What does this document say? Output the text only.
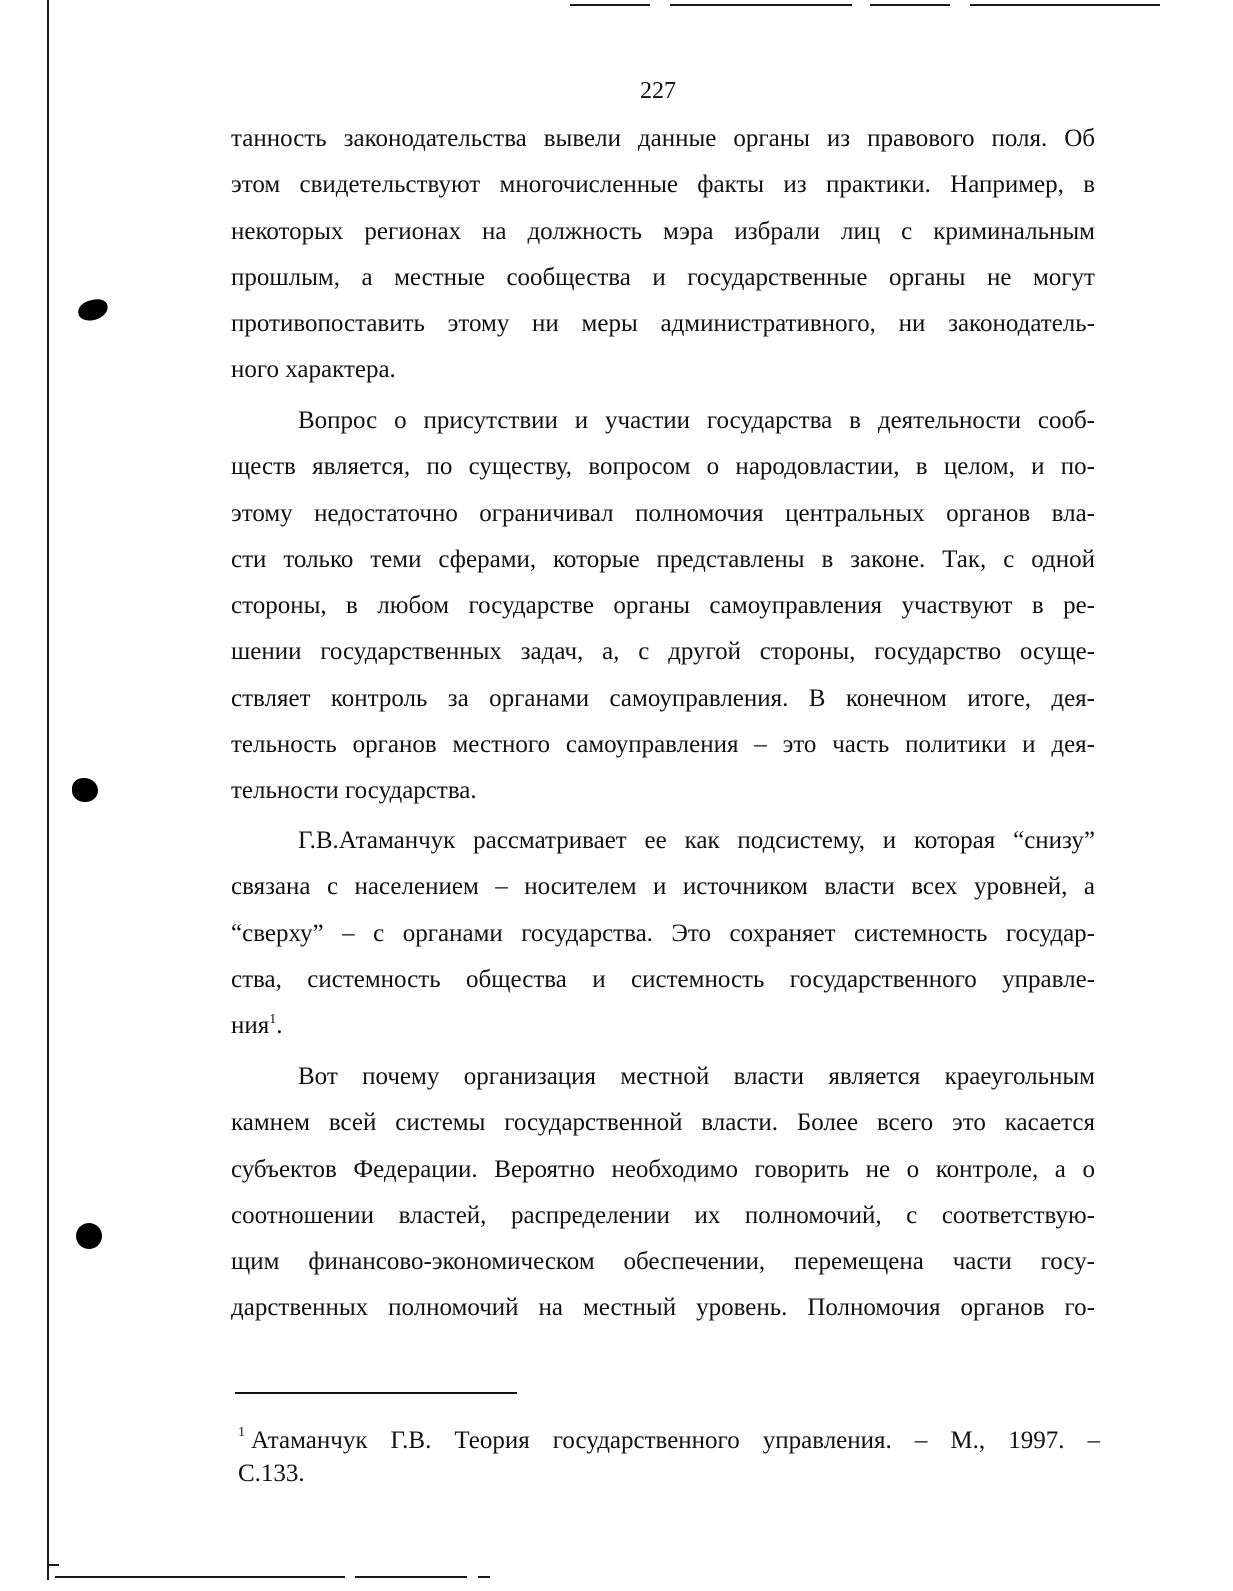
227
танность законодательства вывели данные органы из правового поля. Об
этом свидетельствуют многочисленные факты из практики. Например, в
некоторых регионах на должность мэра избрали лиц с криминальным
прошлым, а местные сообщества и государственные органы не могут
противопоставить этому ни меры административного, ни законодатель-
ного характера.
Вопрос о присутствии и участии государства в деятельности сооб-
ществ является, по существу, вопросом о народовластии, в целом, и по-
этому недостаточно ограничивал полномочия центральных органов вла-
сти только теми сферами, которые представлены в законе. Так, с одной
стороны, в любом государстве органы самоуправления участвуют в ре-
шении государственных задач, а, с другой стороны, государство осуще-
ствляет контроль за органами самоуправления. В конечном итоге, дея-
тельность органов местного самоуправления – это часть политики и дея-
тельности государства.
Г.В.Атаманчук рассматривает ее как подсистему, и которая “снизу”
связана с населением – носителем и источником власти всех уровней, а
“сверху” – с органами государства. Это сохраняет системность государ-
ства, системность общества и системность государственного управле-
ния$^1$.
Вот почему организация местной власти является краеугольным
камнем всей системы государственной власти. Более всего это касается
субъектов Федерации. Вероятно необходимо говорить не о контроле, а о
соотношении властей, распределении их полномочий, с соответствую-
щим финансово-экономическом обеспечении, перемещена части госу-
дарственных полномочий на местный уровень. Полномочия органов го-
$^1$ Атаманчук Г.В. Теория государственного управления. – М., 1997. –
С.133.
